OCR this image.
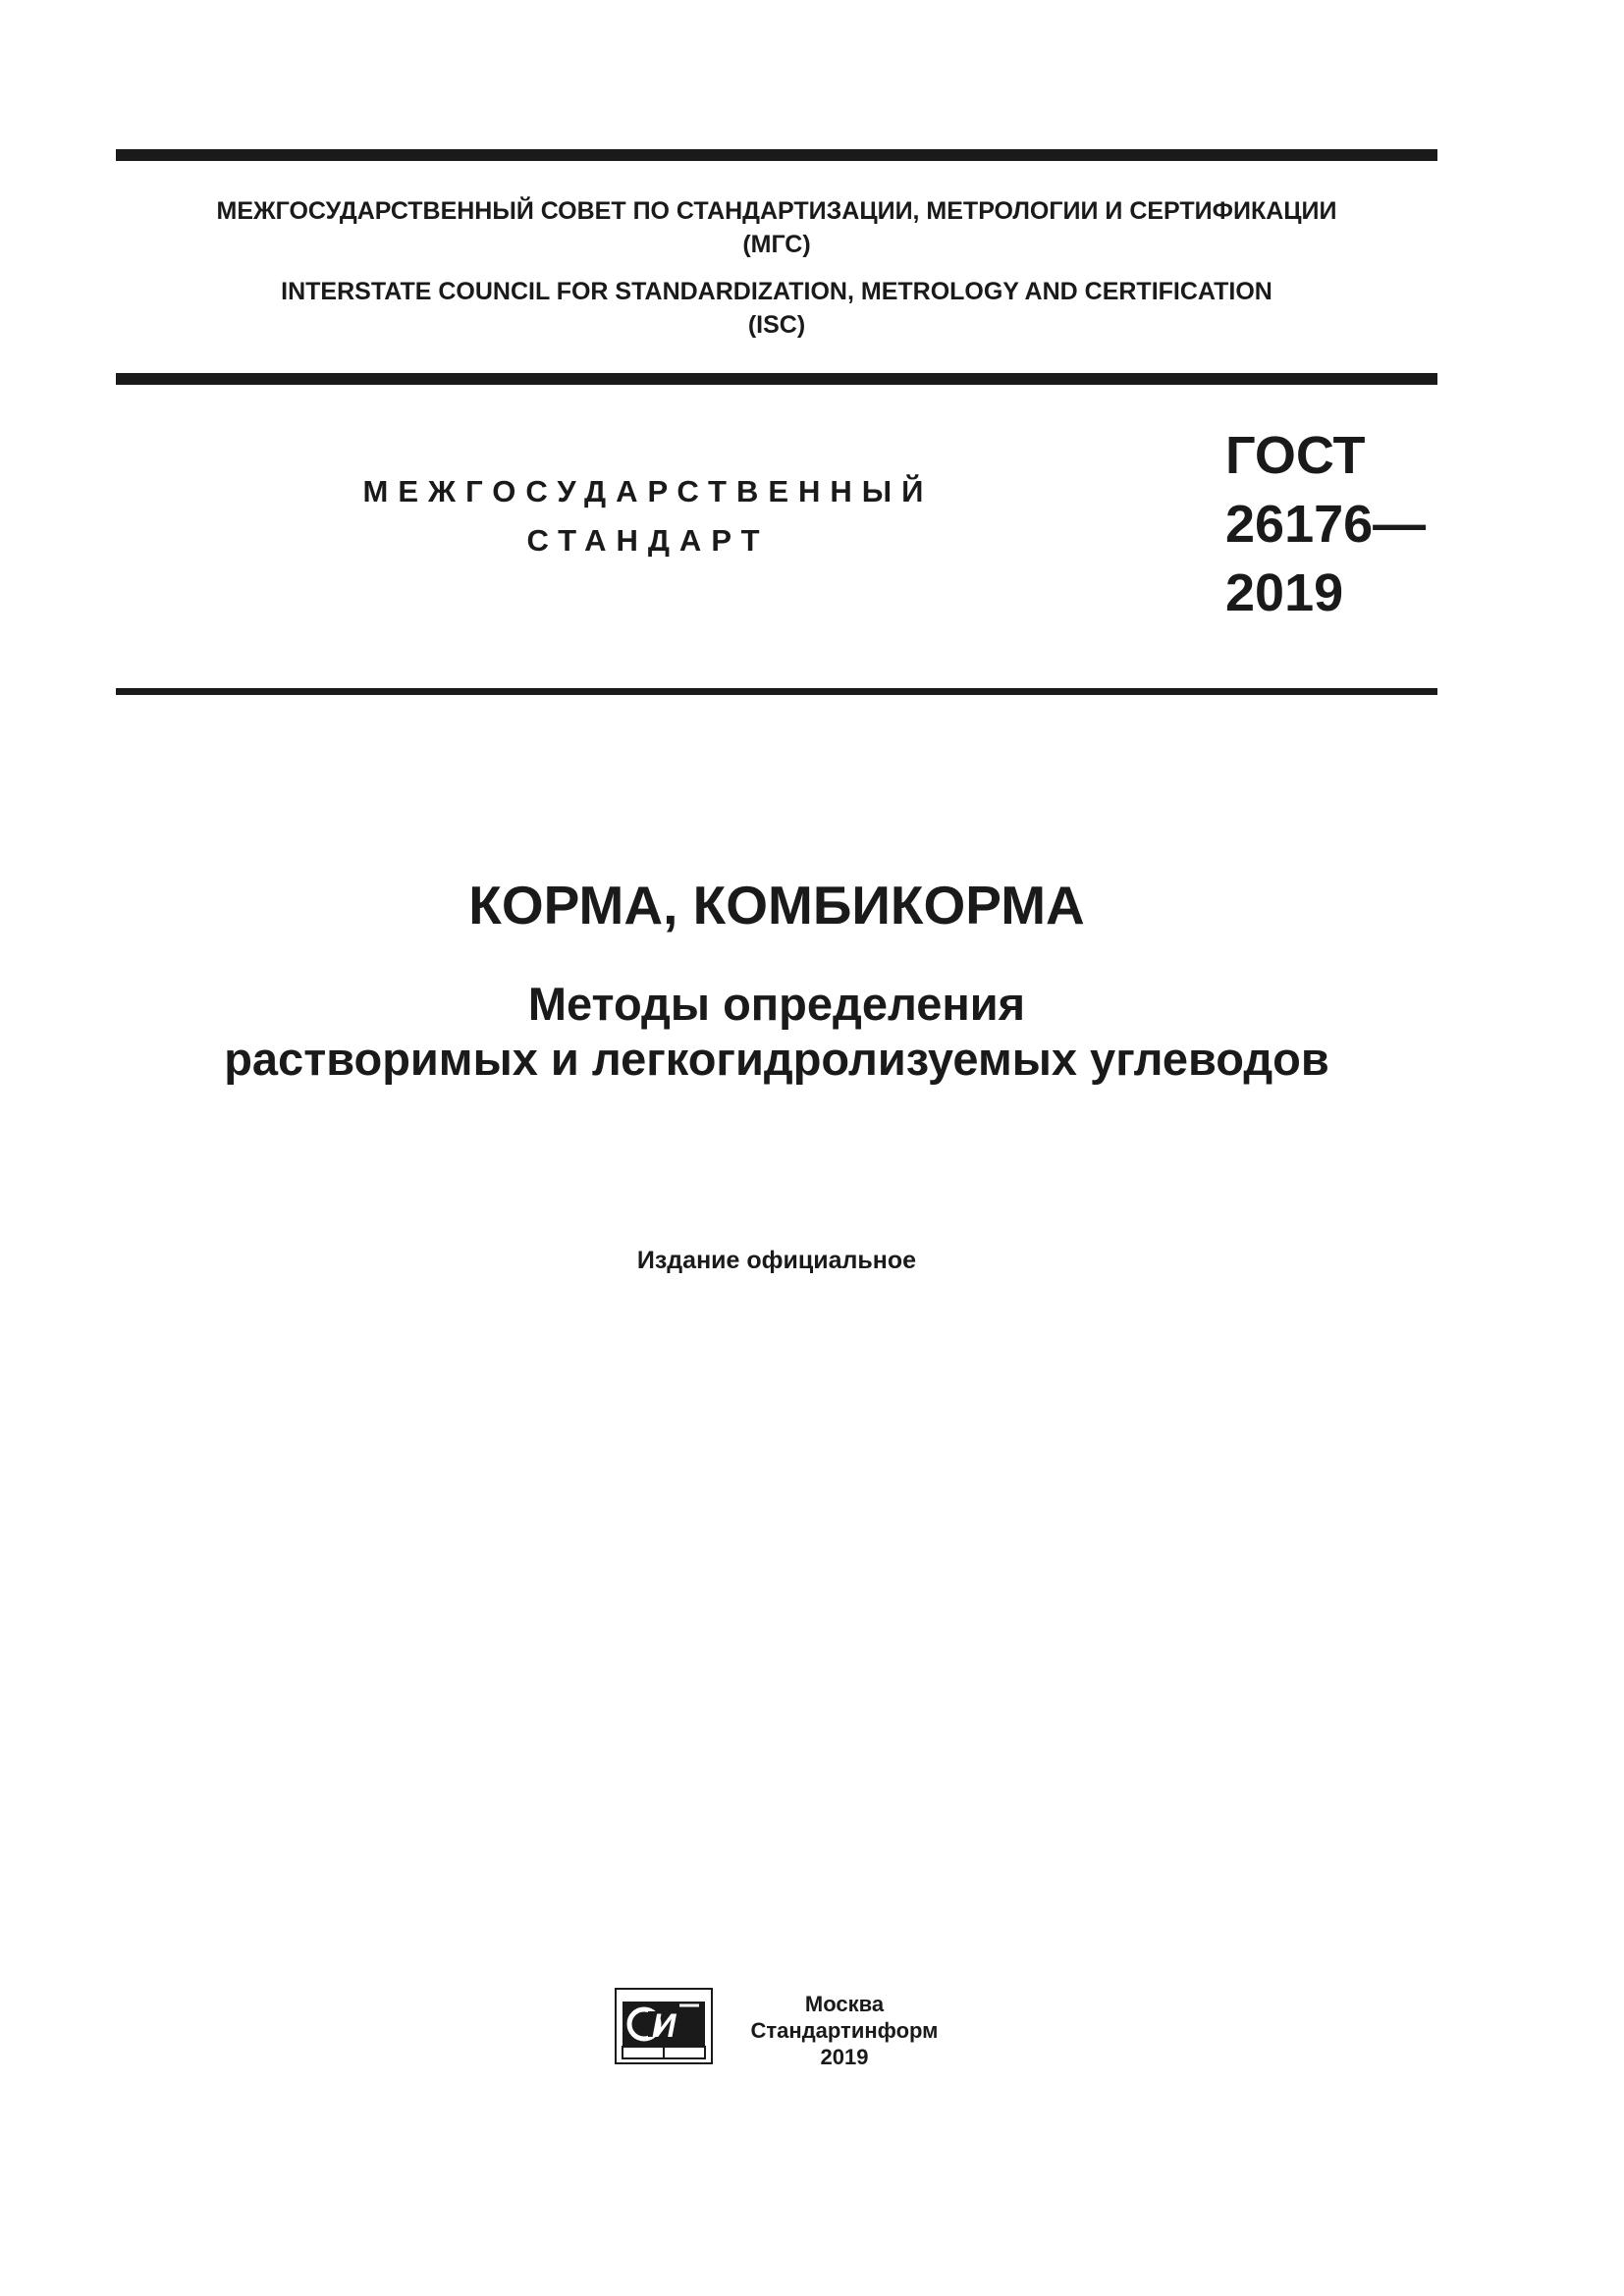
МЕЖГОСУДАРСТВЕННЫЙ СОВЕТ ПО СТАНДАРТИЗАЦИИ, МЕТРОЛОГИИ И СЕРТИФИКАЦИИ
(МГС)
INTERSTATE COUNCIL FOR STANDARDIZATION, METROLOGY AND CERTIFICATION
(ISC)
МЕЖГОСУДАРСТВЕННЫЙ
СТАНДАРТ
ГОСТ
26176—
2019
КОРМА, КОМБИКОРМА
Методы определения
растворимых и легкогидролизуемых углеводов
Издание официальное
И
Москва
Стандартинформ
2019
